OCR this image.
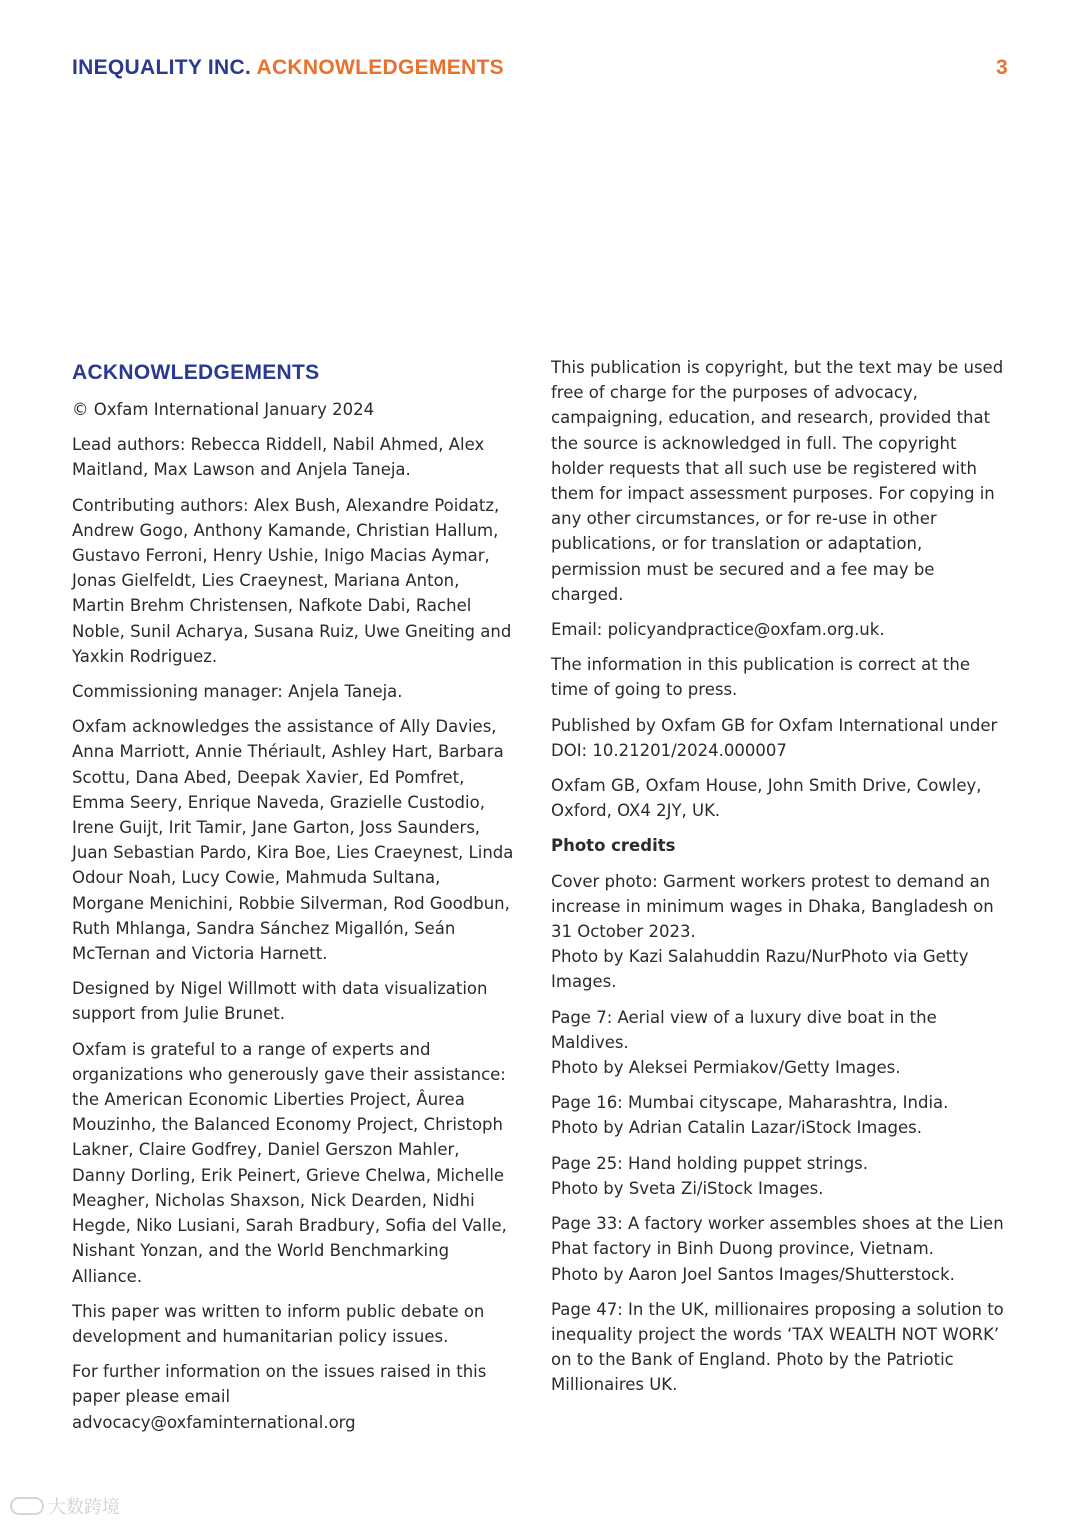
INEQUALITY INC. ACKNOWLEDGEMENTS	3
ACKNOWLEDGEMENTS

© Oxfam International January 2024

Lead authors: Rebecca Riddell, Nabil Ahmed, Alex Maitland, Max Lawson and Anjela Taneja.

Contributing authors: Alex Bush, Alexandre Poidatz, Andrew Gogo, Anthony Kamande, Christian Hallum, Gustavo Ferroni, Henry Ushie, Inigo Macias Aymar, Jonas Gielfeldt, Lies Craeynest, Mariana Anton, Martin Brehm Christensen, Nafkote Dabi, Rachel Noble, Sunil Acharya, Susana Ruiz, Uwe Gneiting and Yaxkin Rodriguez.

Commissioning manager: Anjela Taneja.

Oxfam acknowledges the assistance of Ally Davies, Anna Marriott, Annie Thériault, Ashley Hart, Barbara Scottu, Dana Abed, Deepak Xavier, Ed Pomfret, Emma Seery, Enrique Naveda, Grazielle Custodio, Irene Guijt, Irit Tamir, Jane Garton, Joss Saunders, Juan Sebastian Pardo, Kira Boe, Lies Craeynest, Linda Odour Noah, Lucy Cowie, Mahmuda Sultana, Morgane Menichini, Robbie Silverman, Rod Goodbun, Ruth Mhlanga, Sandra Sánchez Migallón, Seán McTernan and Victoria Harnett.

Designed by Nigel Willmott with data visualization support from Julie Brunet.

Oxfam is grateful to a range of experts and organizations who generously gave their assistance: the American Economic Liberties Project, Âurea Mouzinho, the Balanced Economy Project, Christoph Lakner, Claire Godfrey, Daniel Gerszon Mahler, Danny Dorling, Erik Peinert, Grieve Chelwa, Michelle Meagher, Nicholas Shaxson, Nick Dearden, Nidhi Hegde, Niko Lusiani, Sarah Bradbury, Sofia del Valle, Nishant Yonzan, and the World Benchmarking Alliance.

This paper was written to inform public debate on development and humanitarian policy issues.

For further information on the issues raised in this paper please email advocacy@oxfaminternational.org

This publication is copyright, but the text may be used free of charge for the purposes of advocacy, campaigning, education, and research, provided that the source is acknowledged in full. The copyright holder requests that all such use be registered with them for impact assessment purposes. For copying in any other circumstances, or for re-use in other publications, or for translation or adaptation, permission must be secured and a fee may be charged.

Email: policyandpractice@oxfam.org.uk.

The information in this publication is correct at the time of going to press.

Published by Oxfam GB for Oxfam International under
DOI: 10.21201/2024.000007

Oxfam GB, Oxfam House, John Smith Drive, Cowley,
Oxford, OX4 2JY, UK.

Photo credits

Cover photo: Garment workers protest to demand an increase in minimum wages in Dhaka, Bangladesh on 31 October 2023.
Photo by Kazi Salahuddin Razu/NurPhoto via Getty Images.

Page 7: Aerial view of a luxury dive boat in the Maldives.
Photo by Aleksei Permiakov/Getty Images.

Page 16: Mumbai cityscape, Maharashtra, India.
Photo by Adrian Catalin Lazar/iStock Images.

Page 25: Hand holding puppet strings.
Photo by Sveta Zi/iStock Images.

Page 33: A factory worker assembles shoes at the Lien Phat factory in Binh Duong province, Vietnam.
Photo by Aaron Joel Santos Images/Shutterstock.

Page 47: In the UK, millionaires proposing a solution to inequality project the words ‘TAX WEALTH NOT WORK’ on to the Bank of England. Photo by the Patriotic Millionaires UK.

大数跨境
